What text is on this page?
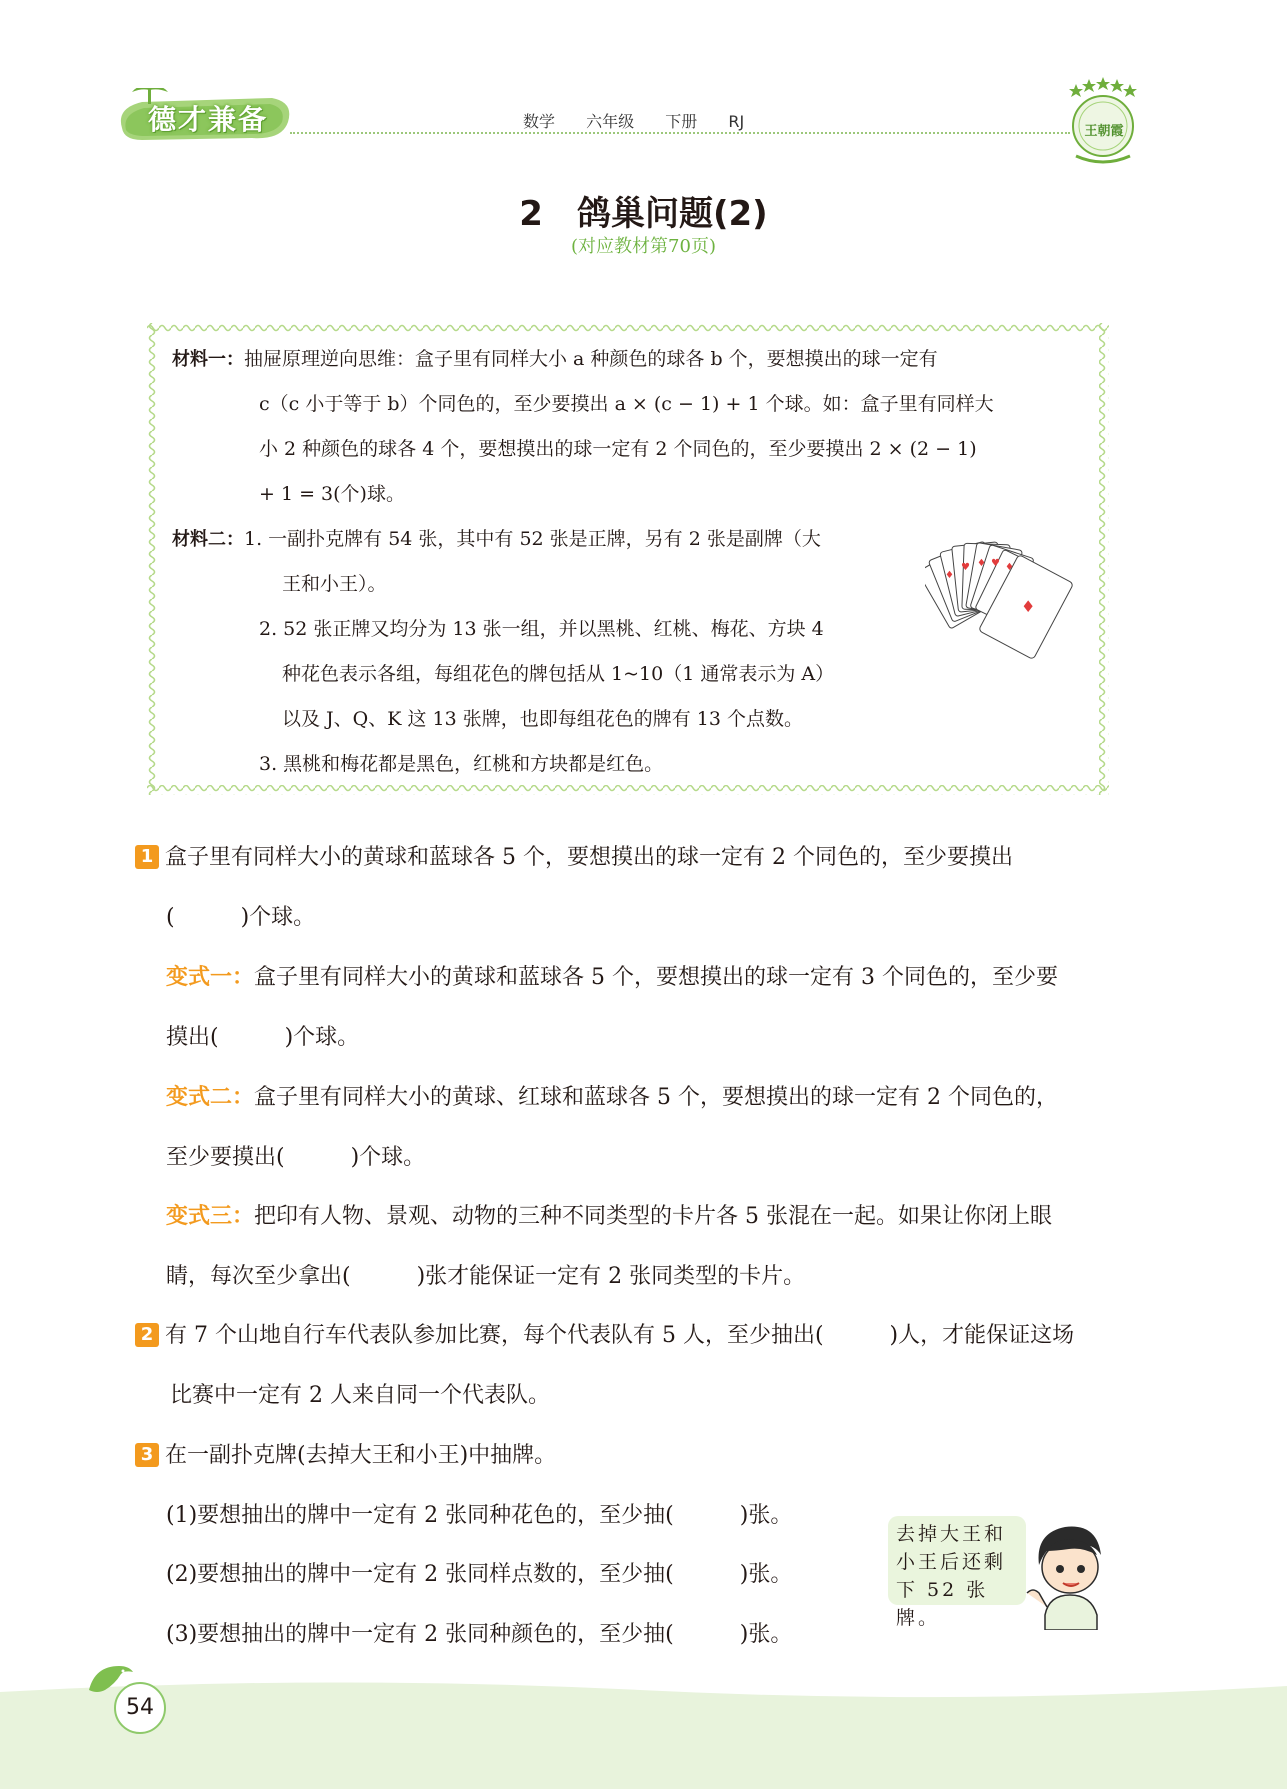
德才兼备	数学 六年级 下册 RJ
王朝霞
2　鸽巢问题(2)
(对应教材第70页)
材料一：抽屉原理逆向思维：盒子里有同样大小 a 种颜色的球各 b 个，要想摸出的球一定有
c（c 小于等于 b）个同色的，至少要摸出 a × (c − 1) + 1 个球。如：盒子里有同样大
小 2 种颜色的球各 4 个，要想摸出的球一定有 2 个同色的，至少要摸出 2 × (2 − 1)
+ 1 = 3(个)球。
材料二：1. 一副扑克牌有 54 张，其中有 52 张是正牌，另有 2 张是副牌（大
王和小王）。
2. 52 张正牌又均分为 13 张一组，并以黑桃、红桃、梅花、方块 4
种花色表示各组，每组花色的牌包括从 1~10（1 通常表示为 A）
以及 J、Q、K 这 13 张牌，也即每组花色的牌有 13 个点数。
3. 黑桃和梅花都是黑色，红桃和方块都是红色。
♦
♥ ♦ ♥ ♦
♦
1 盒子里有同样大小的黄球和蓝球各 5 个，要想摸出的球一定有 2 个同色的，至少要摸出
(　　　)个球。
变式一：盒子里有同样大小的黄球和蓝球各 5 个，要想摸出的球一定有 3 个同色的，至少要
摸出(　　　)个球。
变式二：盒子里有同样大小的黄球、红球和蓝球各 5 个，要想摸出的球一定有 2 个同色的，
至少要摸出(　　　)个球。
变式三：把印有人物、景观、动物的三种不同类型的卡片各 5 张混在一起。如果让你闭上眼
睛，每次至少拿出(　　　)张才能保证一定有 2 张同类型的卡片。
2 有 7 个山地自行车代表队参加比赛，每个代表队有 5 人，至少抽出(　　　)人，才能保证这场
比赛中一定有 2 人来自同一个代表队。
3 在一副扑克牌(去掉大王和小王)中抽牌。
(1)要想抽出的牌中一定有 2 张同种花色的，至少抽(　　　)张。
(2)要想抽出的牌中一定有 2 张同样点数的，至少抽(　　　)张。
(3)要想抽出的牌中一定有 2 张同种颜色的，至少抽(　　　)张。
去掉大王和
小王后还剩
下 52 张牌。
54
